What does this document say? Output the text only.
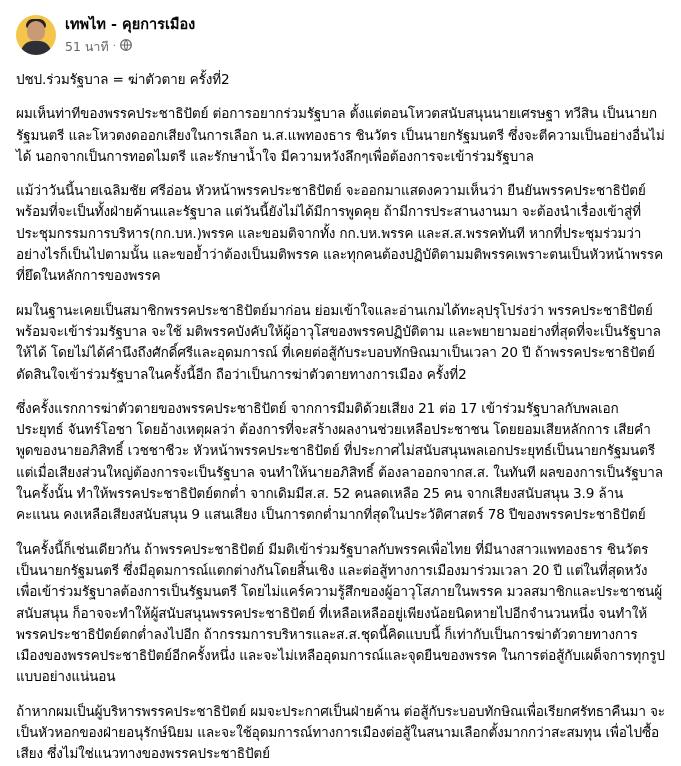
เทพไท - คุยการเมือง
51 นาที ·

ปชป.ร่วมรัฐบาล = ฆ่าตัวตาย ครั้งที่2

ผมเห็นท่าทีของพรรคประชาธิปัตย์ ต่อการอยากร่วมรัฐบาล ตั้งแต่ตอนโหวตสนับสนุนนายเศรษฐา ทวีสิน เป็นนายกรัฐมนตรี และโหวตงดออกเสียงในการเลือก น.ส.แพทองธาร ชินวัตร เป็นนายกรัฐมนตรี ซึ่งจะตีความเป็นอย่างอื่นไม่ได้ นอกจากเป็นการทอดไมตรี และรักษาน้ำใจ มีความหวังลึกๆเพื่อต้องการจะเข้าร่วมรัฐบาล

แม้ว่าวันนี้นายเฉลิมชัย ศรีอ่อน หัวหน้าพรรคประชาธิปัตย์ จะออกมาแสดงความเห็นว่า ยืนยันพรรคประชาธิปัตย์พร้อมที่จะเป็นทั้งฝ่ายค้านและรัฐบาล แต่วันนี้ยังไม่ได้มีการพูดคุย ถ้ามีการประสานงานมา จะต้องนำเรื่องเข้าสู่ที่ประชุมกรรมการบริหาร(กก.บห.)พรรค และขอมติจากทั้ง กก.บห.พรรค และส.ส.พรรคทันที หากที่ประชุมร่วมว่าอย่างไรก็เป็นไปตามนั้น และขอย้ำว่าต้องเป็นมติพรรค และทุกคนต้องปฏิบัติตามมติพรรคเพราะตนเป็นหัวหน้าพรรคที่ยึดในหลักการของพรรค

ผมในฐานะเคยเป็นสมาชิกพรรคประชาธิปัตย์มาก่อน ย่อมเข้าใจและอ่านเกมได้ทะลุปรุโปร่งว่า พรรคประชาธิปัตย์พร้อมจะเข้าร่วมรัฐบาล จะใช้ มติพรรคบังคับให้ผู้อาวุโสของพรรคปฏิบัติตาม และพยายามอย่างที่สุดที่จะเป็นรัฐบาลให้ได้ โดยไม่ได้คำนึงถึงศักดิ์ศรีและอุดมการณ์ ที่เคยต่อสู้กับระบอบทักษิณมาเป็นเวลา 20 ปี ถ้าพรรคประชาธิปัตย์ตัดสินใจเข้าร่วมรัฐบาลในครั้งนี้อีก ถือว่าเป็นการฆ่าตัวตายทางการเมือง ครั้งที่2

ซึ่งครั้งแรกการฆ่าตัวตายของพรรคประชาธิปัตย์ จากการมีมติด้วยเสียง 21 ต่อ 17 เข้าร่วมรัฐบาลกับพลเอกประยุทธ์ จันทร์โอชา โดยอ้างเหตุผลว่า ต้องการที่จะสร้างผลงานช่วยเหลือประชาชน โดยยอมเสียหลักการ เสียคำพูดของนายอภิสิทธิ์ เวชชาชีวะ หัวหน้าพรรคประชาธิปัตย์ ที่ประกาศไม่สนับสนุนพลเอกประยุทธ์เป็นนายกรัฐมนตรี แต่เมื่อเสียงส่วนใหญ่ต้องการจะเป็นรัฐบาล จนทำให้นายอภิสิทธิ์ ต้องลาออกจากส.ส. ในทันที ผลของการเป็นรัฐบาลในครั้งนั้น ทำให้พรรคประชาธิปัตย์ตกต่ำ จากเดิมมีส.ส. 52 คนลดเหลือ 25 คน จากเสียงสนับสนุน 3.9 ล้านคะแนน คงเหลือเสียงสนับสนุน 9 แสนเสียง เป็นการตกต่ำมากที่สุดในประวัติศาสตร์ 78 ปีของพรรคประชาธิปัตย์

ในครั้งนี้ก็เช่นเดียวกัน ถ้าพรรคประชาธิปัตย์ มีมติเข้าร่วมรัฐบาลกับพรรคเพื่อไทย ที่มีนางสาวแพทองธาร ชินวัตร เป็นนายกรัฐมนตรี ซึ่งมีอุดมการณ์แตกต่างกันโดยสิ้นเชิง และต่อสู้ทางการเมืองมาร่วมเวลา 20 ปี แต่ในที่สุดหวังเพื่อเข้าร่วมรัฐบาลต้องการเป็นรัฐมนตรี โดยไม่แคร์ความรู้สึกของผู้อาวุโสภายในพรรค มวลสมาชิกและประชาชนผู้สนับสนุน ก็อาจจะทำให้ผู้สนับสนุนพรรคประชาธิปัตย์ ที่เหลือเหลืออยู่เพียงน้อยนิดหายไปอีกจำนวนหนึ่ง จนทำให้พรรคประชาธิปัตย์ตกต่ำลงไปอีก ถ้ากรรมการบริหารและส.ส.ชุดนี้คิดแบบนี้ ก็เท่ากับเป็นการฆ่าตัวตายทางการเมืองของพรรคประชาธิปัตย์อีกครั้งหนึ่ง และจะไม่เหลืออุดมการณ์และจุดยืนของพรรค ในการต่อสู้กับเผด็จการทุกรูปแบบอย่างแน่นอน

ถ้าหากผมเป็นผู้บริหารพรรคประชาธิปัตย์ ผมจะประกาศเป็นฝ่ายค้าน ต่อสู้กับระบอบทักษิณเพื่อเรียกศรัทธาคืนมา จะเป็นหัวหอกของฝ่ายอนุรักษ์นิยม และจะใช้อุดมการณ์ทางการเมืองต่อสู้ในสนามเลือกตั้งมากกว่าสะสมทุน เพื่อไปซื้อเสียง ซึ่งไม่ใช่แนวทางของพรรคประชาธิปัตย์
